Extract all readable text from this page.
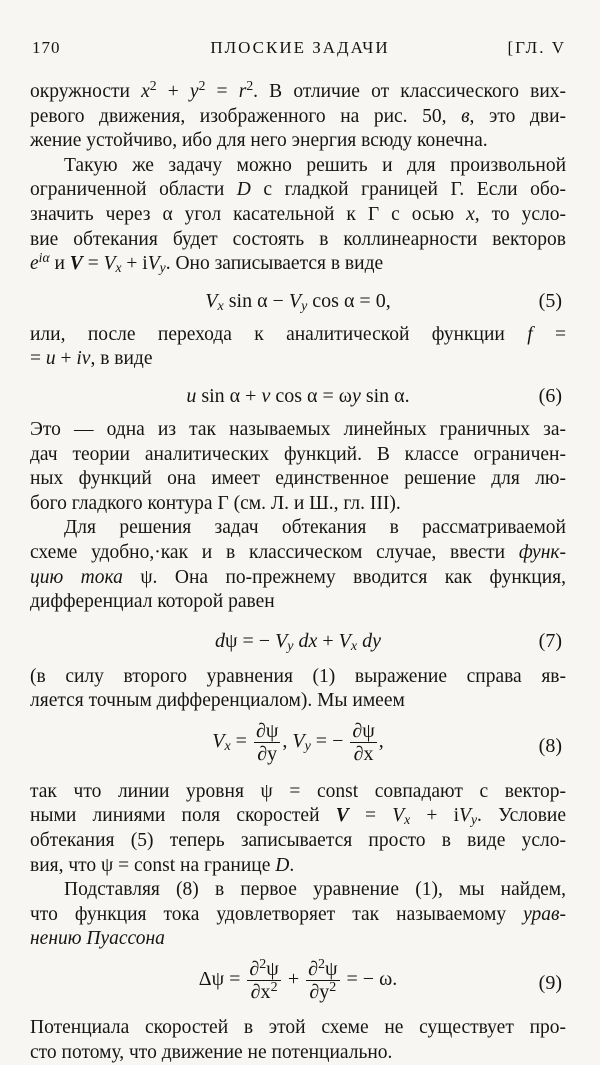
170	ПЛОСКИЕ ЗАДАЧИ	[ГЛ. V
окружности $x^2 + y^2 = r^2$. В отличие от классического вих-
ревого движения, изображенного на рис. 50, в, это дви-
жение устойчиво, ибо для него энергия всюду конечна.
Такую же задачу можно решить и для произвольной
ограниченной области D с гладкой границей Γ. Если обо-
значить через α угол касательной к Γ с осью x, то усло-
вие обтекания будет состоять в коллинеарности векторов
$e^{i\alpha}$ и $V = V_x + iV_y$. Оно записывается в виде
$V_x$ $\sin \alpha - V_y$ cos α = 0,	(5)
или, после перехода к аналитической функции f =
= u + iv, в виде
u sin α + v cos α = ωy sin α.	(6)
Это — одна из так называемых линейных граничных за-
дач теории аналитических функций. В классе ограничен-
ных функций она имеет единственное решение для лю-
бого гладкого контура Γ (см. Л. и Ш., гл. III).
Для решения задач обтекания в рассматриваемой
схеме удобно,·как и в классическом случае, ввести функ-
цию тока ψ. Она по-прежнему вводится как функция,
дифференциал которой равен
dψ = − $V_y$ dx + $V_x$ dy	(7)
(в силу второго уравнения (1) выражение справа яв-
ляется точным дифференциалом). Мы имеем
$V_x = \frac{\partial\psi}{\partial y}$ , $V_y$ = − $\frac{\partial\psi}{\partial x}$ ,	(8)
так что линии уровня ψ = const совпадают с вектор-
ными линиями поля скоростей $V = V_x + iV_y$. Условие
обтекания (5) теперь записывается просто в виде усло-
вия, что ψ = const на границе D.
Подставляя (8) в первое уравнение (1), мы найдем,
что функция тока удовлетворяет так называемому урав-
нению Пуассона
$\Delta\psi = \frac{\partial^2\psi}{\partial x^2} + \frac{\partial^2\psi}{\partial y^2}$ = − ω.	(9)
Потенциала скоростей в этой схеме не существует про-
сто потому, что движение не потенциально.
